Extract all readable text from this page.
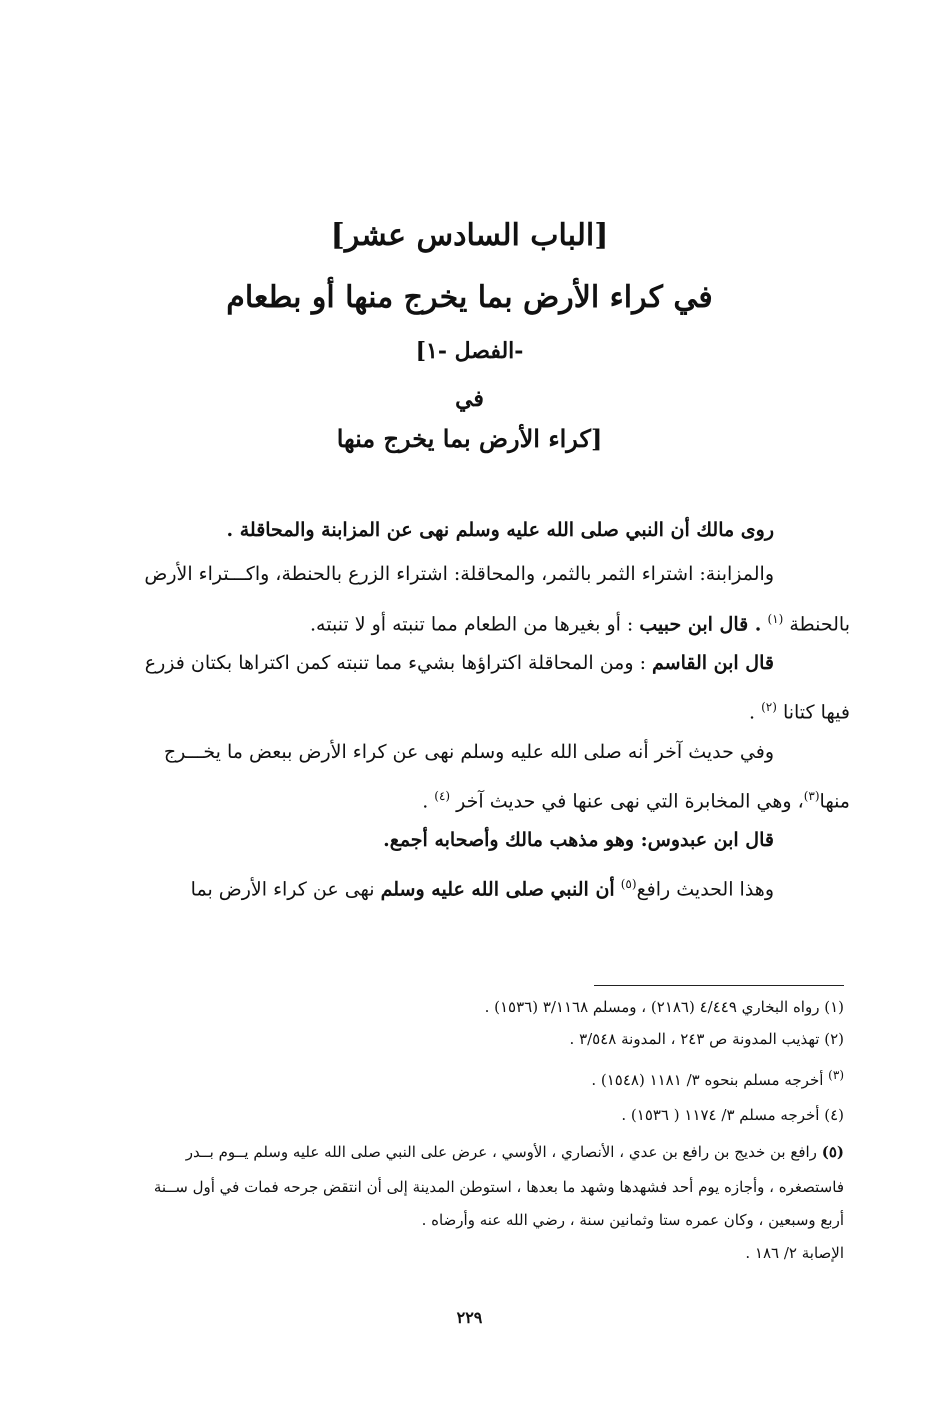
[الباب السادس عشر]
في كراء الأرض بما يخرج منها أو بطعام
[الفصل -١-
في
كراء الأرض بما يخرج منها]
روى مالك أن النبي صلى الله عليه وسلم نهى عن المزابنة والمحاقلة .
والمزابنة: اشتراء الثمر بالثمر، والمحاقلة: اشتراء الزرع بالحنطة، واكـــتراء الأرض
بالحنطة $^{(١)}$ . قال ابن حبيب : أو بغيرها من الطعام مما تنبته أو لا تنبته.
قال ابن القاسم : ومن المحاقلة اكتراؤها بشيء مما تنبته كمن اكتراها بكتان فزرع
فيها كتانا $^{(٢)}$ .
وفي حديث آخر أنه صلى الله عليه وسلم نهى عن كراء الأرض ببعض ما يخـــرج
منها$^{(٣)}$، وهي المخابرة التي نهى عنها في حديث آخر $^{(٤)}$ .
قال ابن عبدوس: وهو مذهب مالك وأصحابه أجمع.
وهذا الحديث رافع$^{(٥)}$ أن النبي صلى الله عليه وسلم نهى عن كراء الأرض بما
(١) رواه البخاري ٤/٤٤٩ (٢١٨٦) ، ومسلم ٣/١١٦٨ (١٥٣٦) .
(٢) تهذيب المدونة ص ٢٤٣ ، المدونة ٣/٥٤٨ .
$^{(٣)}$ أخرجه مسلم بنحوه ٣/ ١١٨١ (١٥٤٨) .
(٤) أخرجه مسلم ٣/ ١١٧٤ ( ١٥٣٦) .
(٥) رافع بن خديج بن رافع بن عدي ، الأنصاري ، الأوسي ، عرض على النبي صلى الله عليه وسلم يــوم بــدر
فاستصغره ، وأجازه يوم أحد فشهدها وشهد ما بعدها ، استوطن المدينة إلى أن انتقض جرحه فمات في أول ســنة
أربع وسبعين ، وكان عمره ستا وثمانين سنة ، رضي الله عنه وأرضاه .
الإصابة ٢/ ١٨٦ .
٢٢٩
